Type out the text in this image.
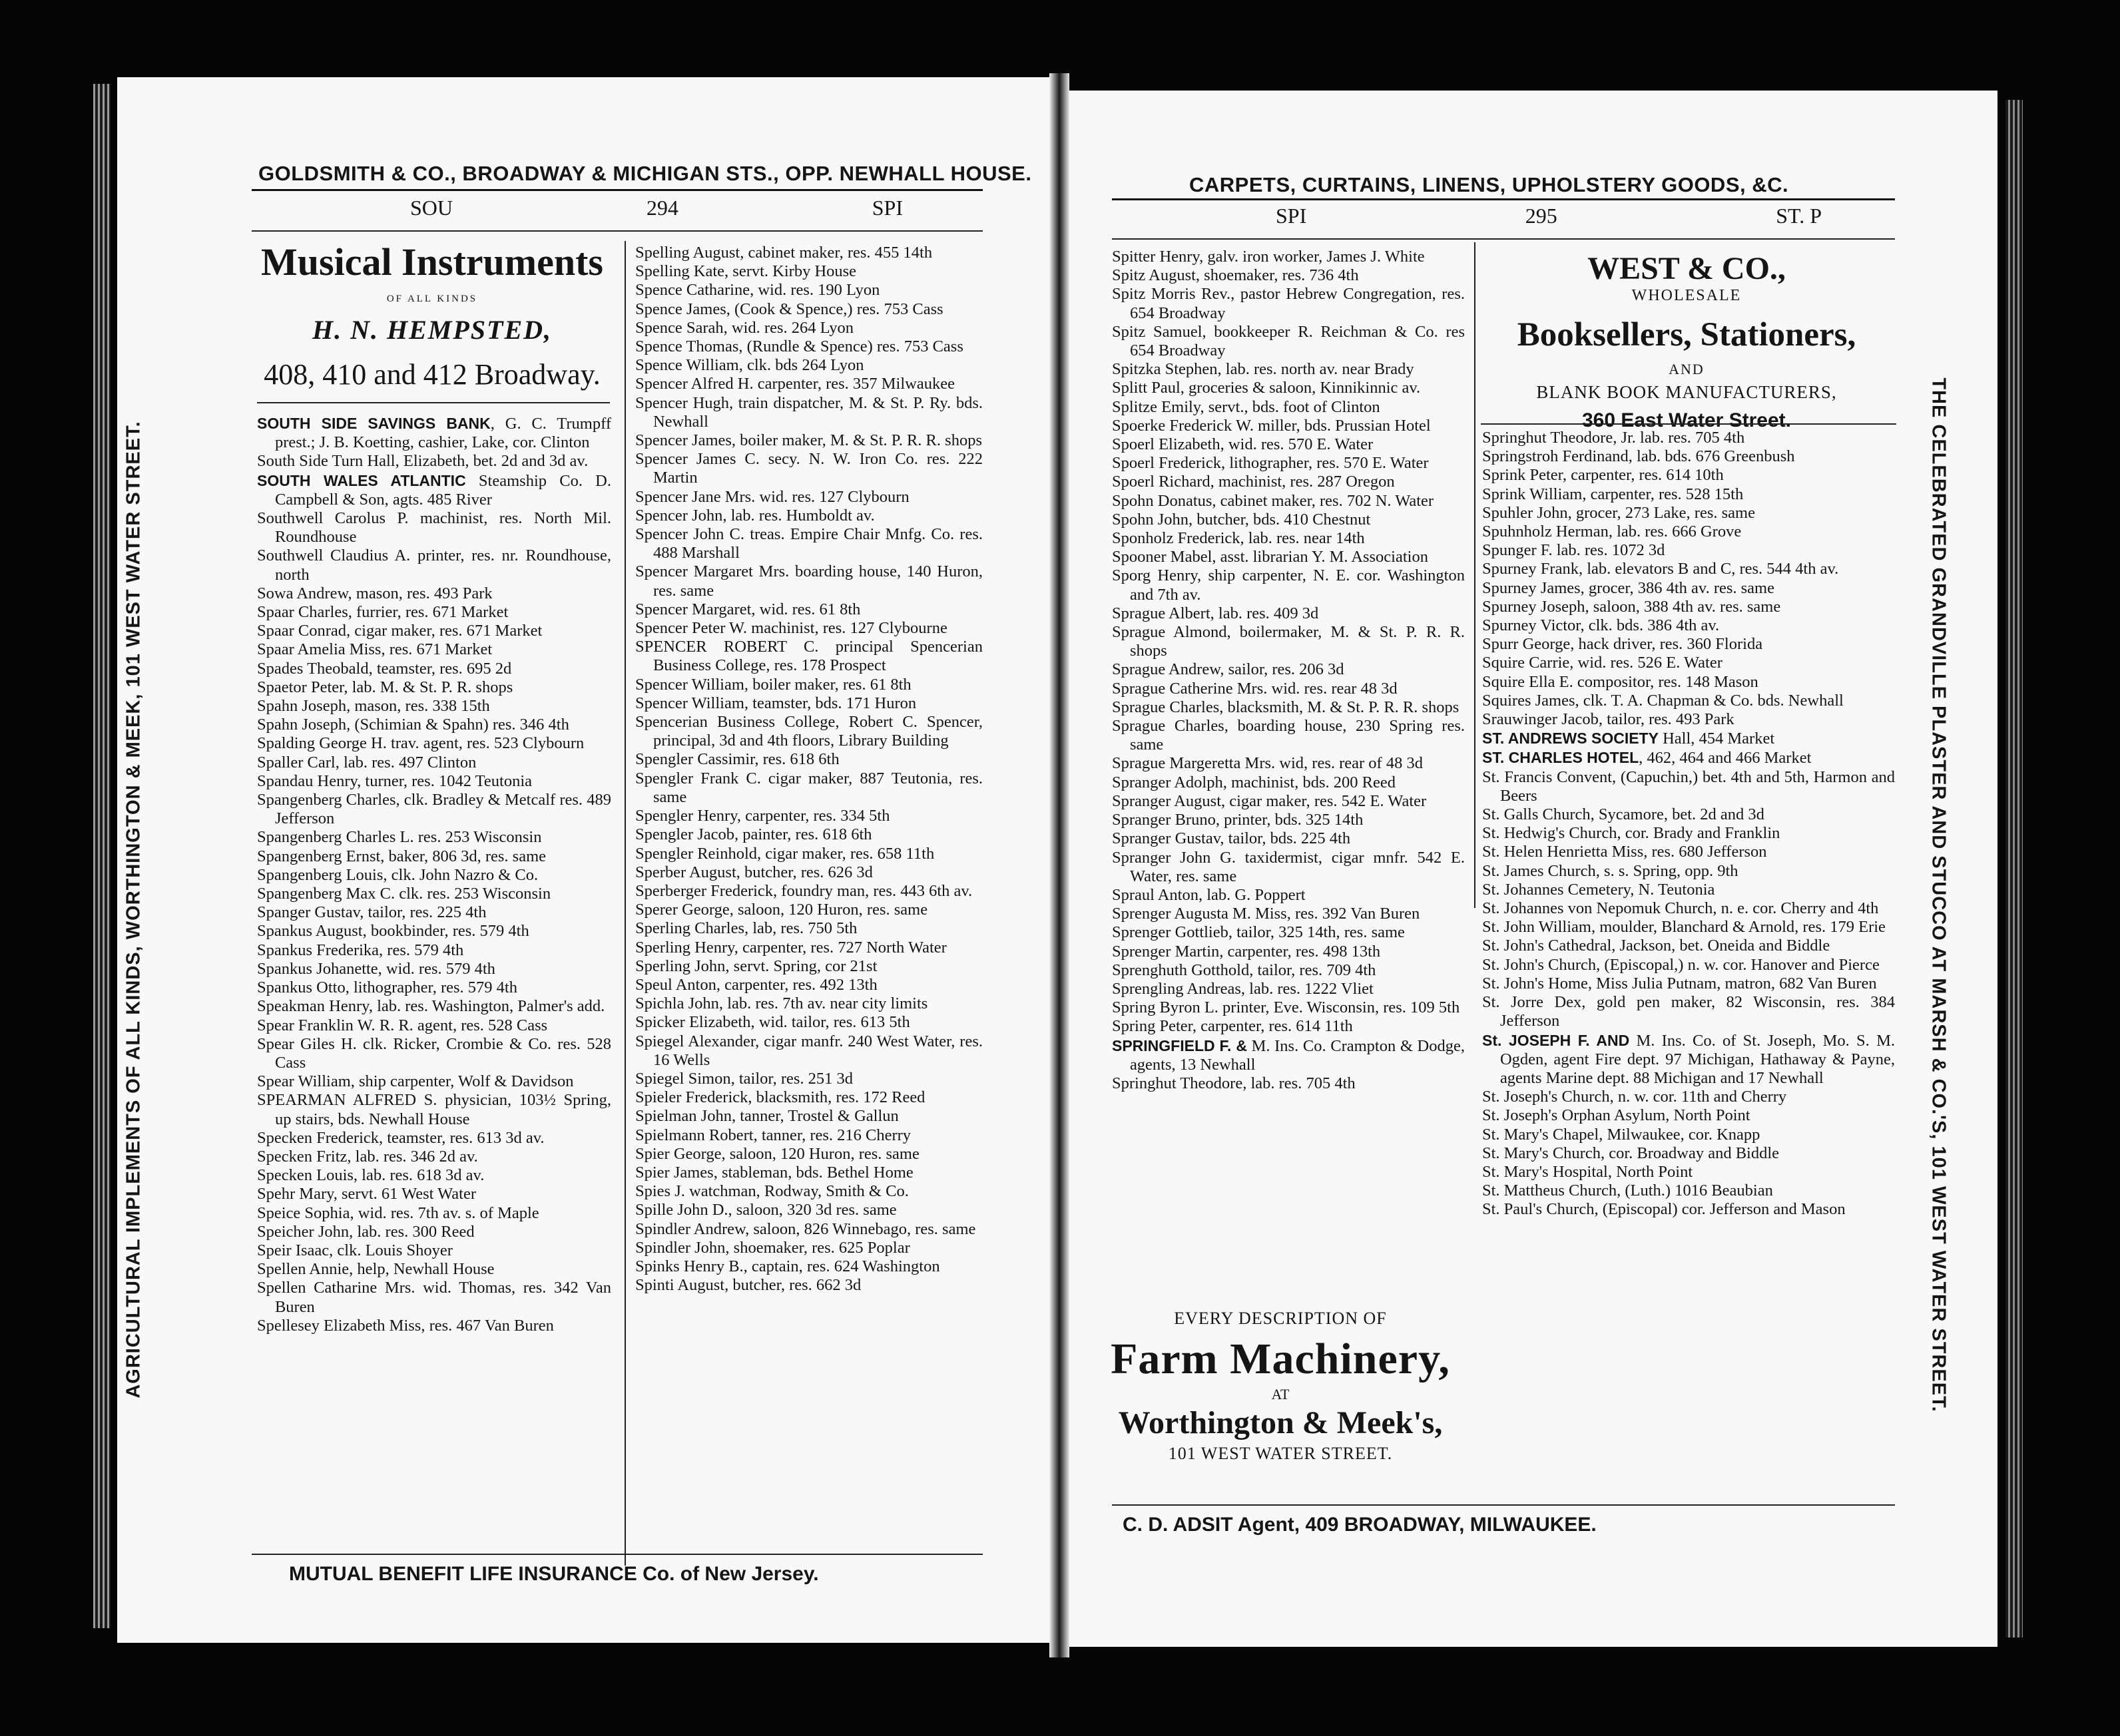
GOLDSMITH & CO., BROADWAY & MICHIGAN STS., OPP. NEWHALL HOUSE.
SOU	294	SPI
AGRICULTURAL IMPLEMENTS OF ALL KINDS, WORTHINGTON & MEEK, 101 WEST WATER STREET.
Musical Instruments
OF ALL KINDS
H. N. HEMPSTED,
408, 410 and 412 Broadway.
SOUTH SIDE SAVINGS BANK, G. C. Trumpff prest.; J. B. Koetting, cashier, Lake, cor. Clinton
South Side Turn Hall, Elizabeth, bet. 2d and 3d av.
SOUTH WALES ATLANTIC Steamship Co. D. Campbell & Son, agts. 485 River
Southwell Carolus P. machinist, res. North Mil. Roundhouse
Southwell Claudius A. printer, res. nr. Roundhouse, north
Sowa Andrew, mason, res. 493 Park
Spaar Charles, furrier, res. 671 Market
Spaar Conrad, cigar maker, res. 671 Market
Spaar Amelia Miss, res. 671 Market
Spades Theobald, teamster, res. 695 2d
Spaetor Peter, lab. M. & St. P. R. shops
Spahn Joseph, mason, res. 338 15th
Spahn Joseph, (Schimian & Spahn) res. 346 4th
Spalding George H. trav. agent, res. 523 Clybourn
Spaller Carl, lab. res. 497 Clinton
Spandau Henry, turner, res. 1042 Teutonia
Spangenberg Charles, clk. Bradley & Metcalf res. 489 Jefferson
Spangenberg Charles L. res. 253 Wisconsin
Spangenberg Ernst, baker, 806 3d, res. same
Spangenberg Louis, clk. John Nazro & Co.
Spangenberg Max C. clk. res. 253 Wisconsin
Spanger Gustav, tailor, res. 225 4th
Spankus August, bookbinder, res. 579 4th
Spankus Frederika, res. 579 4th
Spankus Johanette, wid. res. 579 4th
Spankus Otto, lithographer, res. 579 4th
Speakman Henry, lab. res. Washington, Palmer's add.
Spear Franklin W. R. R. agent, res. 528 Cass
Spear Giles H. clk. Ricker, Crombie & Co. res. 528 Cass
Spear William, ship carpenter, Wolf & Davidson
SPEARMAN ALFRED S. physician, 103½ Spring, up stairs, bds. Newhall House
Specken Frederick, teamster, res. 613 3d av.
Specken Fritz, lab. res. 346 2d av.
Specken Louis, lab. res. 618 3d av.
Spehr Mary, servt. 61 West Water
Speice Sophia, wid. res. 7th av. s. of Maple
Speicher John, lab. res. 300 Reed
Speir Isaac, clk. Louis Shoyer
Spellen Annie, help, Newhall House
Spellen Catharine Mrs. wid. Thomas, res. 342 Van Buren
Spellesey Elizabeth Miss, res. 467 Van Buren
Spelling August, cabinet maker, res. 455 14th
Spelling Kate, servt. Kirby House
Spence Catharine, wid. res. 190 Lyon
Spence James, (Cook & Spence,) res. 753 Cass
Spence Sarah, wid. res. 264 Lyon
Spence Thomas, (Rundle & Spence) res. 753 Cass
Spence William, clk. bds 264 Lyon
Spencer Alfred H. carpenter, res. 357 Milwaukee
Spencer Hugh, train dispatcher, M. & St. P. Ry. bds. Newhall
Spencer James, boiler maker, M. & St. P. R. R. shops
Spencer James C. secy. N. W. Iron Co. res. 222 Martin
Spencer Jane Mrs. wid. res. 127 Clybourn
Spencer John, lab. res. Humboldt av.
Spencer John C. treas. Empire Chair Mnfg. Co. res. 488 Marshall
Spencer Margaret Mrs. boarding house, 140 Huron, res. same
Spencer Margaret, wid. res. 61 8th
Spencer Peter W. machinist, res. 127 Clybourne
SPENCER ROBERT C. principal Spencerian Business College, res. 178 Prospect
Spencer William, boiler maker, res. 61 8th
Spencer William, teamster, bds. 171 Huron
Spencerian Business College, Robert C. Spencer, principal, 3d and 4th floors, Library Building
Spengler Cassimir, res. 618 6th
Spengler Frank C. cigar maker, 887 Teutonia, res. same
Spengler Henry, carpenter, res. 334 5th
Spengler Jacob, painter, res. 618 6th
Spengler Reinhold, cigar maker, res. 658 11th
Sperber August, butcher, res. 626 3d
Sperberger Frederick, foundry man, res. 443 6th av.
Sperer George, saloon, 120 Huron, res. same
Sperling Charles, lab, res. 750 5th
Sperling Henry, carpenter, res. 727 North Water
Sperling John, servt. Spring, cor 21st
Speul Anton, carpenter, res. 492 13th
Spichla John, lab. res. 7th av. near city limits
Spicker Elizabeth, wid. tailor, res. 613 5th
Spiegel Alexander, cigar manfr. 240 West Water, res. 16 Wells
Spiegel Simon, tailor, res. 251 3d
Spieler Frederick, blacksmith, res. 172 Reed
Spielman John, tanner, Trostel & Gallun
Spielmann Robert, tanner, res. 216 Cherry
Spier George, saloon, 120 Huron, res. same
Spier James, stableman, bds. Bethel Home
Spies J. watchman, Rodway, Smith & Co.
Spille John D., saloon, 320 3d res. same
Spindler Andrew, saloon, 826 Winnebago, res. same
Spindler John, shoemaker, res. 625 Poplar
Spinks Henry B., captain, res. 624 Washington
Spinti August, butcher, res. 662 3d
MUTUAL BENEFIT LIFE INSURANCE Co. of New Jersey.
CARPETS, CURTAINS, LINENS, UPHOLSTERY GOODS, &C.
SPI	295	ST. P
THE CELEBRATED GRANDVILLE PLASTER AND STUCCO AT MARSH & CO.'S, 101 WEST WATER STREET.
Spitter Henry, galv. iron worker, James J. White
Spitz August, shoemaker, res. 736 4th
Spitz Morris Rev., pastor Hebrew Congregation, res. 654 Broadway
Spitz Samuel, bookkeeper R. Reichman & Co. res 654 Broadway
Spitzka Stephen, lab. res. north av. near Brady
Splitt Paul, groceries & saloon, Kinnikinnic av.
Splitze Emily, servt., bds. foot of Clinton
Spoerke Frederick W. miller, bds. Prussian Hotel
Spoerl Elizabeth, wid. res. 570 E. Water
Spoerl Frederick, lithographer, res. 570 E. Water
Spoerl Richard, machinist, res. 287 Oregon
Spohn Donatus, cabinet maker, res. 702 N. Water
Spohn John, butcher, bds. 410 Chestnut
Sponholz Frederick, lab. res. near 14th
Spooner Mabel, asst. librarian Y. M. Association
Sporg Henry, ship carpenter, N. E. cor. Washington and 7th av.
Sprague Albert, lab. res. 409 3d
Sprague Almond, boilermaker, M. & St. P. R. R. shops
Sprague Andrew, sailor, res. 206 3d
Sprague Catherine Mrs. wid. res. rear 48 3d
Sprague Charles, blacksmith, M. & St. P. R. R. shops
Sprague Charles, boarding house, 230 Spring res. same
Sprague Margeretta Mrs. wid, res. rear of 48 3d
Spranger Adolph, machinist, bds. 200 Reed
Spranger August, cigar maker, res. 542 E. Water
Spranger Bruno, printer, bds. 325 14th
Spranger Gustav, tailor, bds. 225 4th
Spranger John G. taxidermist, cigar mnfr. 542 E. Water, res. same
Spraul Anton, lab. G. Poppert
Sprenger Augusta M. Miss, res. 392 Van Buren
Sprenger Gottlieb, tailor, 325 14th, res. same
Sprenger Martin, carpenter, res. 498 13th
Sprenghuth Gotthold, tailor, res. 709 4th
Sprengling Andreas, lab. res. 1222 Vliet
Spring Byron L. printer, Eve. Wisconsin, res. 109 5th
Spring Peter, carpenter, res. 614 11th
SPRINGFIELD F. & M. Ins. Co. Crampton & Dodge, agents, 13 Newhall
Springhut Theodore, lab. res. 705 4th
WEST & CO.,
WHOLESALE
Booksellers, Stationers,
AND
BLANK BOOK MANUFACTURERS,
360 East Water Street.
Springhut Theodore, Jr. lab. res. 705 4th
Springstroh Ferdinand, lab. bds. 676 Greenbush
Sprink Peter, carpenter, res. 614 10th
Sprink William, carpenter, res. 528 15th
Spuhler John, grocer, 273 Lake, res. same
Spuhnholz Herman, lab. res. 666 Grove
Spunger F. lab. res. 1072 3d
Spurney Frank, lab. elevators B and C, res. 544 4th av.
Spurney James, grocer, 386 4th av. res. same
Spurney Joseph, saloon, 388 4th av. res. same
Spurney Victor, clk. bds. 386 4th av.
Spurr George, hack driver, res. 360 Florida
Squire Carrie, wid. res. 526 E. Water
Squire Ella E. compositor, res. 148 Mason
Squires James, clk. T. A. Chapman & Co. bds. Newhall
Srauwinger Jacob, tailor, res. 493 Park
ST. ANDREWS SOCIETY Hall, 454 Market
ST. CHARLES HOTEL, 462, 464 and 466 Market
St. Francis Convent, (Capuchin,) bet. 4th and 5th, Harmon and Beers
St. Galls Church, Sycamore, bet. 2d and 3d
St. Hedwig's Church, cor. Brady and Franklin
St. Helen Henrietta Miss, res. 680 Jefferson
St. James Church, s. s. Spring, opp. 9th
St. Johannes Cemetery, N. Teutonia
St. Johannes von Nepomuk Church, n. e. cor. Cherry and 4th
St. John William, moulder, Blanchard & Arnold, res. 179 Erie
St. John's Cathedral, Jackson, bet. Oneida and Biddle
St. John's Church, (Episcopal,) n. w. cor. Hanover and Pierce
St. John's Home, Miss Julia Putnam, matron, 682 Van Buren
St. Jorre Dex, gold pen maker, 82 Wisconsin, res. 384 Jefferson
St. JOSEPH F. AND M. Ins. Co. of St. Joseph, Mo. S. M. Ogden, agent Fire dept. 97 Michigan, Hathaway & Payne, agents Marine dept. 88 Michigan and 17 Newhall
St. Joseph's Church, n. w. cor. 11th and Cherry
St. Joseph's Orphan Asylum, North Point
St. Mary's Chapel, Milwaukee, cor. Knapp
St. Mary's Church, cor. Broadway and Biddle
St. Mary's Hospital, North Point
St. Mattheus Church, (Luth.) 1016 Beaubian
St. Paul's Church, (Episcopal) cor. Jefferson and Mason
EVERY DESCRIPTION OF
Farm Machinery,
AT
Worthington & Meek's,
101 WEST WATER STREET.
C. D. ADSIT Agent, 409 BROADWAY, MILWAUKEE.
